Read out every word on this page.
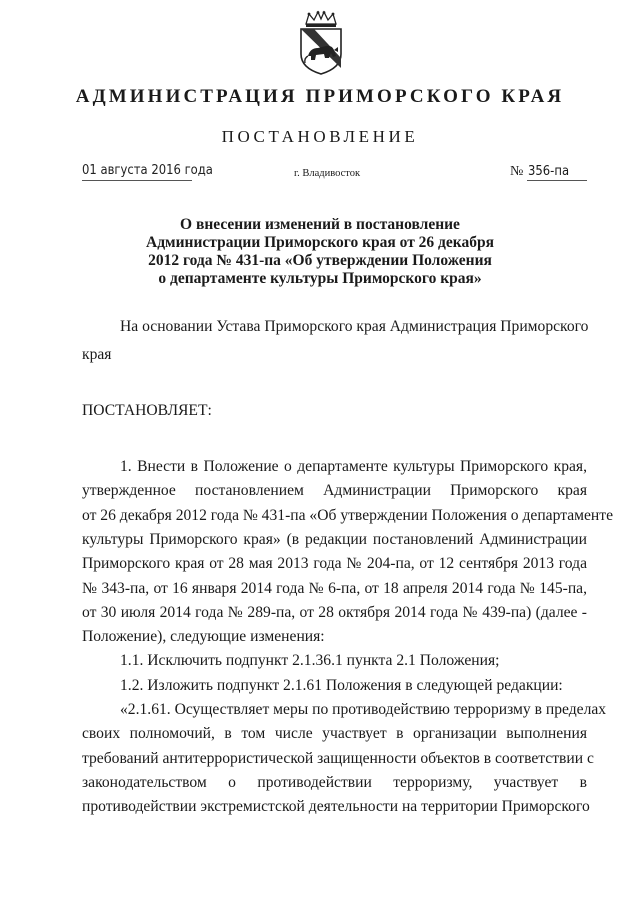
АДМИНИСТРАЦИЯ ПРИМОРСКОГО КРАЯ
ПОСТАНОВЛЕНИЕ
01 августа 2016 года	г. Владивосток	№ 356-па
О внесении изменений в постановление
Администрации Приморского края от 26 декабря
2012 года № 431-па «Об утверждении Положения
о департаменте культуры Приморского края»
На основании Устава Приморского края Администрация Приморского
края
ПОСТАНОВЛЯЕТ:
1. Внести в Положение о департаменте культуры Приморского края,
утвержденное постановлением Администрации Приморского края
от 26 декабря 2012 года № 431-па «Об утверждении Положения о департаменте
культуры Приморского края» (в редакции постановлений Администрации
Приморского края от 28 мая 2013 года № 204-па, от 12 сентября 2013 года
№ 343-па, от 16 января 2014 года № 6-па, от 18 апреля 2014 года № 145-па,
от 30 июля 2014 года № 289-па, от 28 октября 2014 года № 439-па) (далее -
Положение), следующие изменения:
1.1. Исключить подпункт 2.1.36.1 пункта 2.1 Положения;
1.2. Изложить подпункт 2.1.61 Положения в следующей редакции:
«2.1.61. Осуществляет меры по противодействию терроризму в пределах
своих полномочий, в том числе участвует в организации выполнения
требований антитеррористической защищенности объектов в соответствии с
законодательством о противодействии терроризму, участвует в
противодействии экстремистской деятельности на территории Приморского
